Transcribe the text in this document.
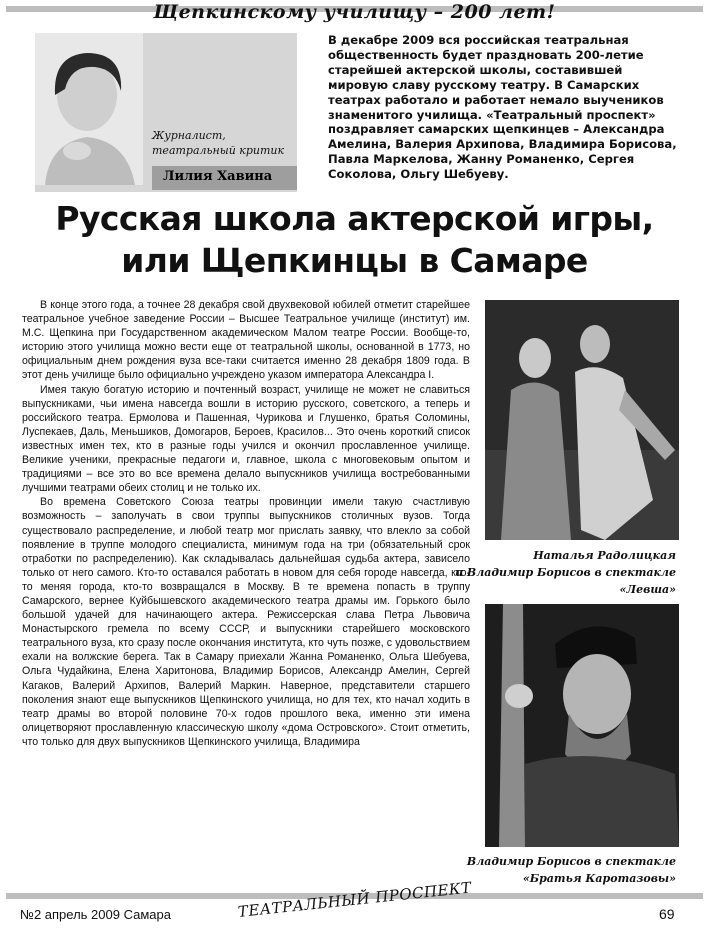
Щепкинскому училищу – 200 лет!
Журналист,
театральный критик
Лилия Хавина
В декабре 2009 вся российская театральная общественность будет праздновать 200-летие старейшей актерской школы, составившей мировую славу русскому театру. В Самарских театрах работало и работает немало выучеников знаменитого училища. «Театральный проспект» поздравляет самарских щепкинцев – Александра Амелина, Валерия Архипова, Владимира Борисова, Павла Маркелова, Жанну Романенко, Сергея Соколова, Ольгу Шебуеву.
Русская школа актерской игры,
или Щепкинцы в Самаре

В конце этого года, а точнее 28 декабря свой двухвековой юбилей отметит старейшее театральное учебное заведение России – Высшее Театральное училище (институт) им. М.С. Щепкина при Государственном академическом Малом театре России. Вообще-то, историю этого училища можно вести еще от театральной школы, основанной в 1773, но официальным днем рождения вуза все-таки считается именно 28 декабря 1809 года. В этот день училище было официально учреждено указом императора Александра I.

Имея такую богатую историю и почтенный возраст, училище не может не славиться выпускниками, чьи имена навсегда вошли в историю русского, советского, а теперь и российского театра. Ермолова и Пашенная, Чурикова и Глушенко, братья Соломины, Луспекаев, Даль, Меньшиков, Домогаров, Бероев, Красилов... Это очень короткий список известных имен тех, кто в разные годы учился и окончил прославленное училище. Великие ученики, прекрасные педагоги и, главное, школа с многовековым опытом и традициями – все это во все времена делало выпускников училища востребованными лучшими театрами обеих столиц и не только их.

Во времена Советского Союза театры провинции имели такую счастливую возможность – заполучать в свои труппы выпускников столичных вузов. Тогда существовало распределение, и любой театр мог прислать заявку, что влекло за собой появление в труппе молодого специалиста, минимум года на три (обязательный срок отработки по распределению). Как складывалась дальнейшая судьба актера, зависело только от него самого. Кто-то оставался работать в новом для себя городе навсегда, кто-то меняя города, кто-то возвращался в Москву. В те времена попасть в труппу Самарского, вернее Куйбышевского академического театра драмы им. Горького было большой удачей для начинающего актера. Режиссерская слава Петра Львовича Монастырского гремела по всему СССР, и выпускники старейшего московского театрального вуза, кто сразу после окончания института, кто чуть позже, с удовольствием ехали на волжские берега. Так в Самару приехали Жанна Романенко, Ольга Шебуева, Ольга Чудайкина, Елена Харитонова, Владимир Борисов, Александр Амелин, Сергей Кагаков, Валерий Архипов, Валерий Маркин. Наверное, представители старшего поколения знают еще выпускников Щепкинского училища, но для тех, кто начал ходить в театр драмы во второй половине 70-х годов прошлого века, именно эти имена олицетворяют прославленную классическую школу «дома Островского». Стоит отметить, что только для двух выпускников Щепкинского училища, Владимира

Наталья Радолицкая
и Владимир Борисов в спектакле
«Левша»
Владимир Борисов в спектакле
«Братья Кароmазовы»
№2 апрель 2009 Самара	ТЕАТРАЛЬНЫЙ ПРОСПЕКТ	69
